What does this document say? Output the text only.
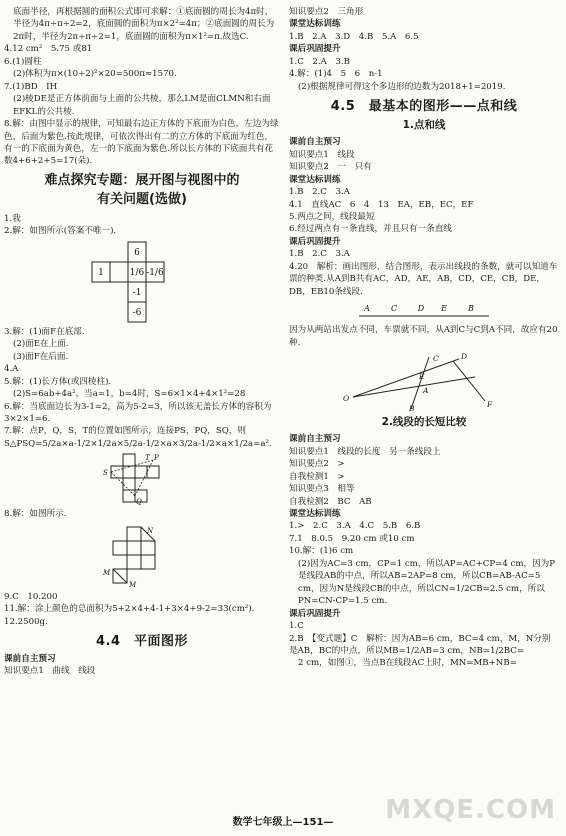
底面半径，再根据圆的面积公式即可求解：①底面圆的周长为4π时，半径为4π÷π÷2=2，底面圆的面积为π×2²=4π；②底面圆的周长为2π时，半径为2π÷π÷2=1，底面圆的面积为π×1²=π.故选C.

4.12 cm²　5.75 或81

6.(1)圆柱

(2)体积为π×(10÷2)²×20=500π≈1570.

7.(1)BD　IH

(2)棱DE是正方体前面与上面的公共棱，那么LM是面CLMN和右面EFKL的公共棱.

8.解：由图中显示的规律，可知最右边正方体的下底面为白色，左边为绿色，后面为紫色.按此规律，可依次得出有二的立方体的下底面为红色，有一的下底面为黄色，左一的下底面为紫色.所以长方体的下底面共有花数4+6+2+5=17(朵).

难点探究专题：展开图与视图中的
有关问题(选做)

1.我

2.解：如图所示(答案不唯一).

6
1	1/6 -1/6
-1
-6

3.解：(1)面F在底部.

(2)面E在上面.

(3)面F在后面.

4.A

5.解：(1)长方体(或四棱柱).

(2)S=6ab+4a²，当a=1，b=4时，S=6×1×4+4×1²=28

6.解：当底面边长为3-1=2，高为5-2=3，所以该无盖长方体的容积为3×2×1=6.

7.解：点P，Q，S，T的位置如图所示，连接PS，PQ，SQ，则

S△PSQ=5/2a×a-1/2×1/2a×5/2a-1/2×a×3/2a-1/2×a×1/2a=a².

T
S
P
Q

8.解：如图所示.

N
M
M

9.C　10.200

11.解：涂上颜色的总面积为5+2×4+4-1+3×4+9-2=33(cm²).

12.2500g.

4.4　平面图形

课前自主预习

知识要点1　曲线　线段

知识要点2　三角形

课堂达标训练

1.B　2.A　3.D　4.B　5.A　6.5

课后巩固提升

1.C　2.A　3.B

4.解：(1)4　5　6　n-1

(2)根据规律可得这个多边形的边数为2018+1=2019.

4.5　最基本的图形——点和线
1.点和线

课前自主预习

知识要点1　线段

知识要点2　一　只有

课堂达标训练

1.B　2.C　3.A

4.1　直线AC　6　4　13　EA，EB，EC，EF

5.两点之间，线段最短

6.经过两点有一条直线，并且只有一条直线

课后巩固提升

1.B　2.C　3.A

4.20　解析：画出图形，结合图形，表示出线段的条数，就可以知道车票的种类.从A到B共有AC，AD，AE，AB，CD，CE，CB，DE，DB，EB10条线段.

A	C	D E	B

因为从两站出发点不同，车票就不同，从A到C与C到A不同，故应有20种.

D
C
E
O
A
B	F
2.线段的长短比较

课前自主预习

知识要点1　线段的长度　另一条线段上

知识要点2　>

自我检测1　>

知识要点3　相等

自我检测2　BC　AB

课堂达标训练

1.>　2.C　3.A　4.C　5.B　6.B

7.1　8.0.5　9.20 cm 或10 cm

10.解：(1)6 cm

(2)因为AC=3 cm，CP=1 cm，所以AP=AC+CP=4 cm，因为P是线段AB的中点，所以AB=2AP=8 cm，所以CB=AB-AC=5 cm，因为N是线段CB的中点，所以CN=1/2CB=2.5 cm，所以PN=CN-CP=1.5 cm.

课后巩固提升

1.C

2.B　【变式题】C　解析：因为AB=6 cm，BC=4 cm，M，N分别是AB，BC的中点，所以MB=1/2AB=3 cm，NB=1/2BC=

2 cm，如图①，当点B在线段AC上时，MN=MB+NB=

数学七年级上—151—	MXQE.COM
